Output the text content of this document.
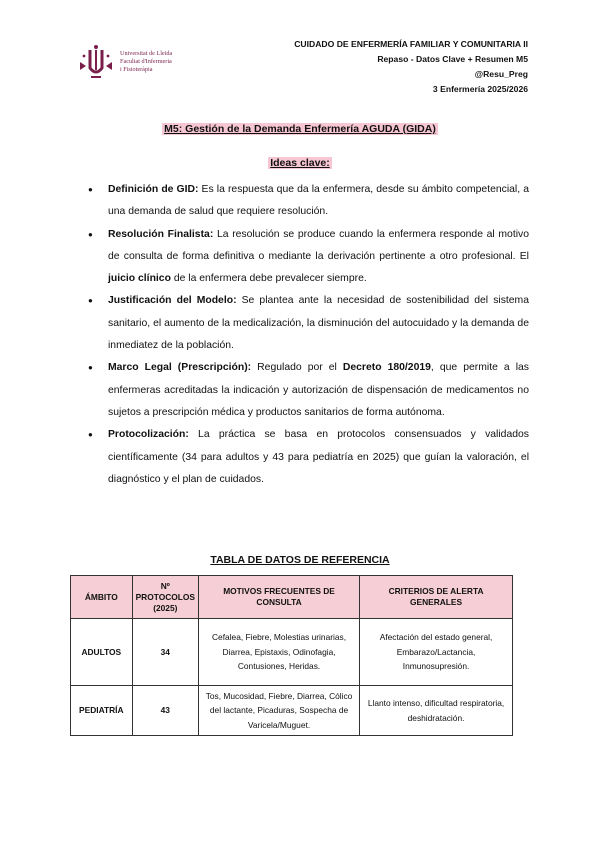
Universitat de Lleida
Facultat d'Infermeria
i Fisioteràpia
CUIDADO DE ENFERMERÍA FAMILIAR Y COMUNITARIA II
Repaso - Datos Clave + Resumen M5
@Resu_Preg
3 Enfermería 2025/2026
M5: Gestión de la Demanda Enfermería AGUDA (GIDA)
Ideas clave:
● Definición de GID: Es la respuesta que da la enfermera, desde su ámbito competencial, a una demanda de salud que requiere resolución.
● Resolución Finalista: La resolución se produce cuando la enfermera responde al motivo de consulta de forma definitiva o mediante la derivación pertinente a otro profesional. El juicio clínico de la enfermera debe prevalecer siempre.
● Justificación del Modelo: Se plantea ante la necesidad de sostenibilidad del sistema sanitario, el aumento de la medicalización, la disminución del autocuidado y la demanda de inmediatez de la población.
● Marco Legal (Prescripción): Regulado por el Decreto 180/2019, que permite a las enfermeras acreditadas la indicación y autorización de dispensación de medicamentos no sujetos a prescripción médica y productos sanitarios de forma autónoma.
● Protocolización: La práctica se basa en protocolos consensuados y validados científicamente (34 para adultos y 43 para pediatría en 2025) que guían la valoración, el diagnóstico y el plan de cuidados.
TABLA DE DATOS DE REFERENCIA
ÁMBITO	Nº PROTOCOLOS (2025)	MOTIVOS FRECUENTES DE CONSULTA	CRITERIOS DE ALERTA GENERALES
ADULTOS	34	Cefalea, Fiebre, Molestias urinarias, Diarrea, Epistaxis, Odinofagia, Contusiones, Heridas.	Afectación del estado general, Embarazo/Lactancia, Inmunosupresión.
PEDIATRÍA	43	Tos, Mucosidad, Fiebre, Diarrea, Cólico del lactante, Picaduras, Sospecha de Varicela/Muguet.	Llanto intenso, dificultad respiratoria, deshidratación.
